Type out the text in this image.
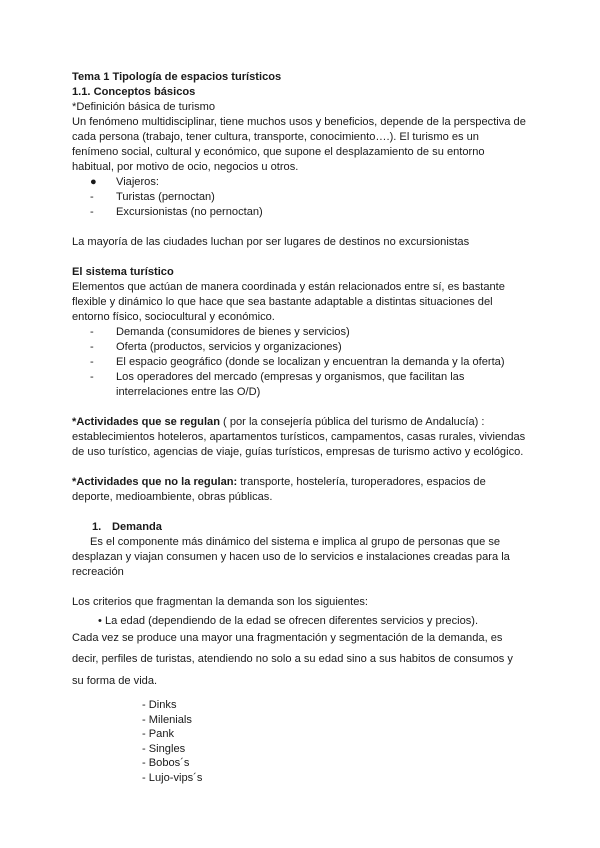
Tema 1 Tipología de espacios turísticos
1.1. Conceptos básicos
*Definición básica de turismo
Un fenómeno multidisciplinar, tiene muchos usos y beneficios, depende de la perspectiva de
cada persona (trabajo, tener cultura, transporte, conocimiento….). El turismo es un
fenímeno social, cultural y económico, que supone el desplazamiento de su entorno
habitual, por motivo de ocio, negocios u otros.
● Viajeros:
- Turistas (pernoctan)
- Excursionistas (no pernoctan)
La mayoría de las ciudades luchan por ser lugares de destinos no excursionistas
El sistema turístico
Elementos que actúan de manera coordinada y están relacionados entre sí, es bastante
flexible y dinámico lo que hace que sea bastante adaptable a distintas situaciones del
entorno físico, sociocultural y económico.
- Demanda (consumidores de bienes y servicios)
- Oferta (productos, servicios y organizaciones)
- El espacio geográfico (donde se localizan y encuentran la demanda y la oferta)
- Los operadores del mercado (empresas y organismos, que facilitan las
interrelaciones entre las O/D)
*Actividades que se regulan ( por la consejería pública del turismo de Andalucía) :
establecimientos hoteleros, apartamentos turísticos, campamentos, casas rurales, viviendas
de uso turístico, agencias de viaje, guías turísticos, empresas de turismo activo y ecológico.
*Actividades que no la regulan: transporte, hostelería, turoperadores, espacios de
deporte, medioambiente, obras públicas.
1. Demanda
Es el componente más dinámico del sistema e implica al grupo de personas que se
desplazan y viajan consumen y hacen uso de lo servicios e instalaciones creadas para la
recreación
Los criterios que fragmentan la demanda son los siguientes:
• La edad (dependiendo de la edad se ofrecen diferentes servicios y precios).
Cada vez se produce una mayor una fragmentación y segmentación de la demanda, es
decir, perfiles de turistas, atendiendo no solo a su edad sino a sus habitos de consumos y
su forma de vida.
- Dinks
- Milenials
- Pank
- Singles
- Bobos´s
- Lujo-vips´s
